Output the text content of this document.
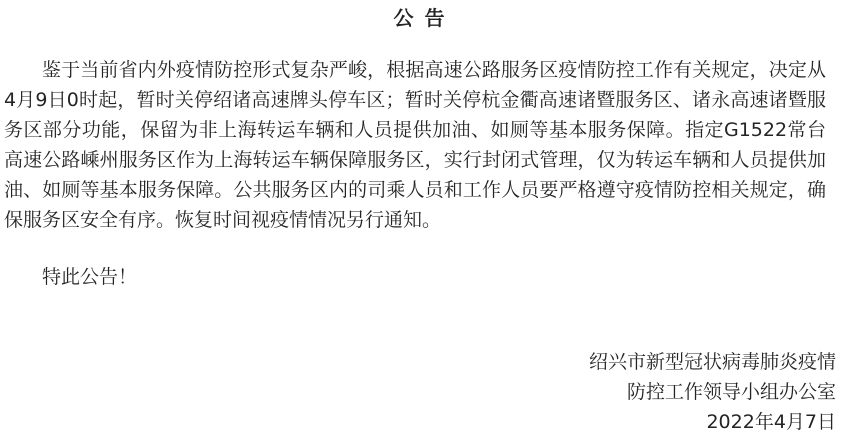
公 告

鉴于当前省内外疫情防控形式复杂严峻，根据高速公路服务区疫情防控工作有关规定，决定从4月9日0时起，暂时关停绍诸高速牌头停车区；暂时关停杭金衢高速诸暨服务区、诸永高速诸暨服务区部分功能，保留为非上海转运车辆和人员提供加油、如厕等基本服务保障。指定G1522常台高速公路嵊州服务区作为上海转运车辆保障服务区，实行封闭式管理，仅为转运车辆和人员提供加油、如厕等基本服务保障。公共服务区内的司乘人员和工作人员要严格遵守疫情防控相关规定，确保服务区安全有序。恢复时间视疫情情况另行通知。

特此公告！

绍兴市新型冠状病毒肺炎疫情
防控工作领导小组办公室
2022年4月7日
